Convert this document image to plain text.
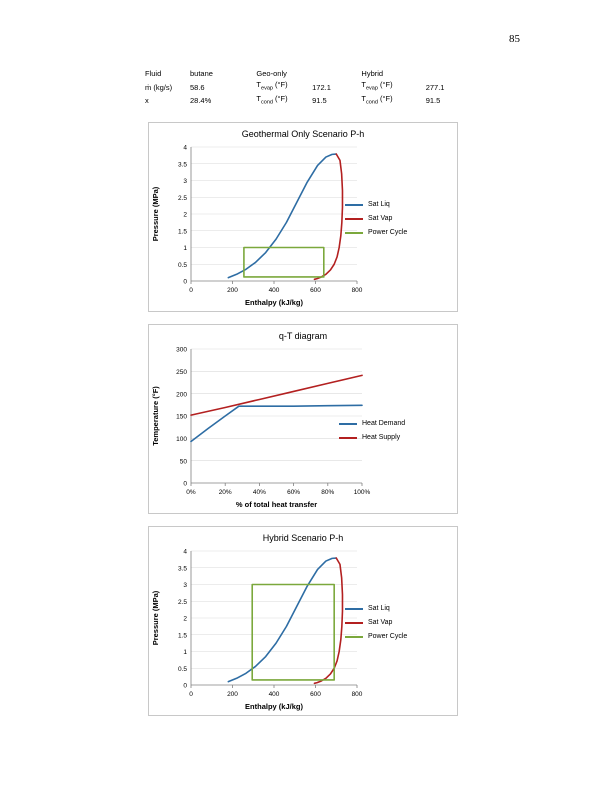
85
Fluid	butane	Geo-only		Hybrid	
ṁ (kg/s)	58.6	$T_{evap}$ (°F)	172.1	$T_{evap}$ (°F)	277.1
x	28.4%	$T_{cond}$ (°F)	91.5	$T_{cond}$ (°F)	91.5
Geothermal Only Scenario P-h
0
0.5
1
1.5
2
2.5
3
3.5
4
0	200	400	600	800
Enthalpy (kJ/kg)
Pressure (MPa)	Sat Liq
Sat Vap
Power Cycle
q-T diagram
0
50
100
150
200
250
300
0%	20%	40%	60%	80%	100%
% of total heat transfer
Temperature (°F)	Heat Demand
Heat Supply
Hybrid Scenario P-h
0
0.5
1
1.5
2
2.5
3
3.5
4
0	200	400	600	800
Enthalpy (kJ/kg)
Pressure (MPa)	Sat Liq
Sat Vap
Power Cycle
